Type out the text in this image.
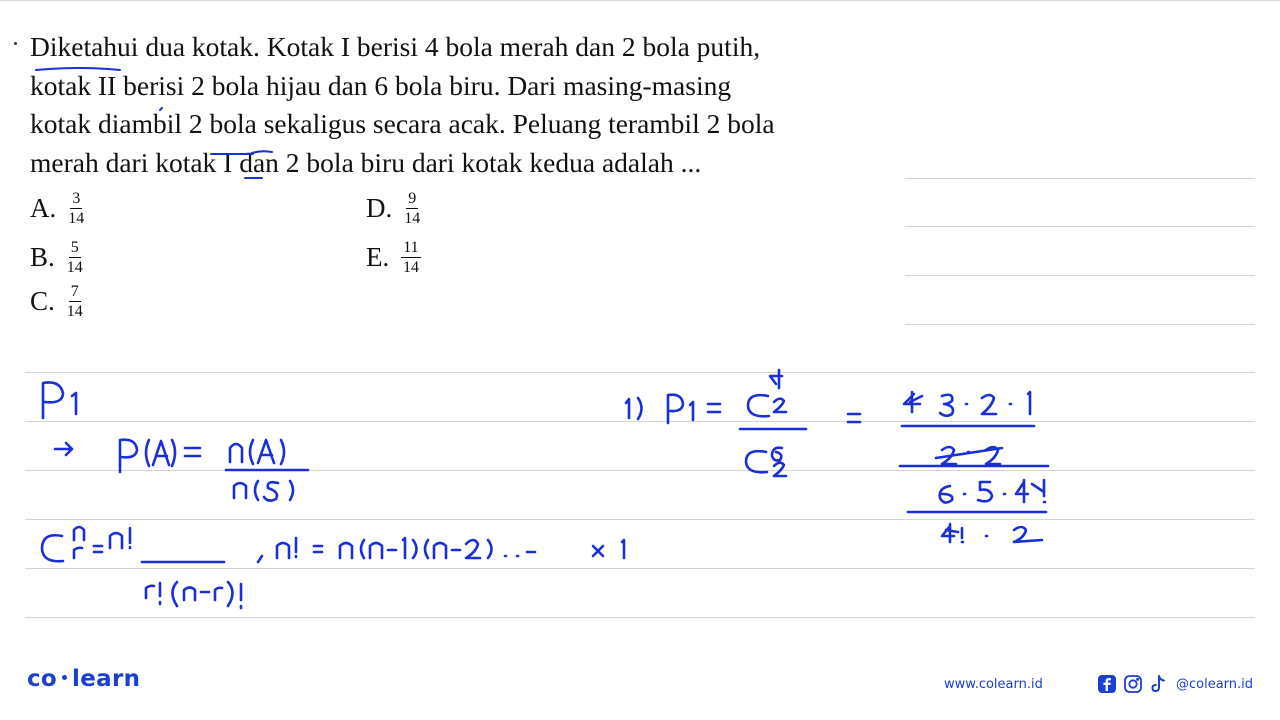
Diketahui dua kotak. Kotak I berisi 4 bola merah dan 2 bola putih,
kotak II berisi 2 bola hijau dan 6 bola biru. Dari masing-masing
kotak diambil 2 bola sekaligus secara acak. Peluang terambil 2 bola
merah dari kotak I dan 2 bola biru dari kotak kedua adalah ...
A. $\frac{3}{14}$
B. $\frac{5}{14}$
C. $\frac{7}{14}$
D. $\frac{9}{14}$
E. $\frac{11}{14}$
co learn	www.colearn.id	@colearn.id
